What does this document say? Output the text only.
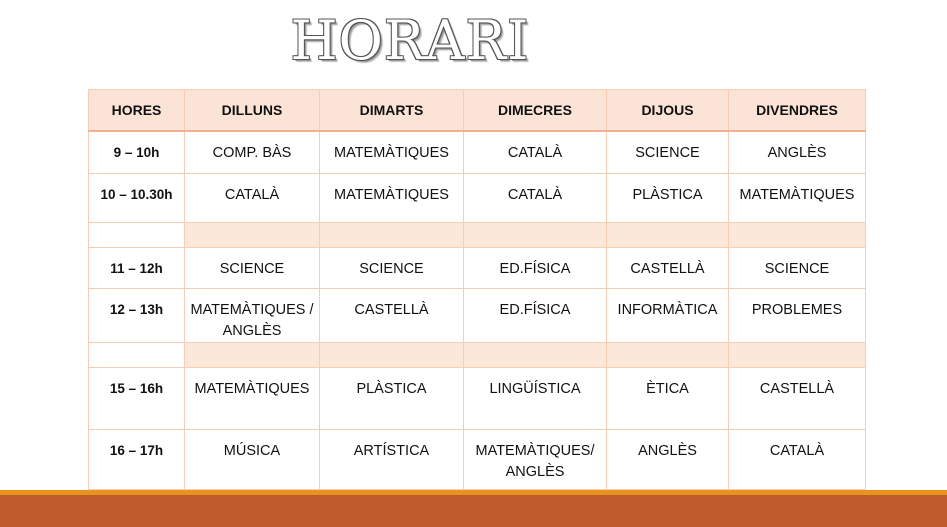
HORARI
HORES	DILLUNS	DIMARTS	DIMECRES	DIJOUS	DIVENDRES
9 – 10h	COMP. BÀS	MATEMÀTIQUES	CATALÀ	SCIENCE	ANGLÈS
10 – 10.30h	CATALÀ	MATEMÀTIQUES	CATALÀ	PLÀSTICA	MATEMÀTIQUES

11 – 12h	SCIENCE	SCIENCE	ED.FÍSICA	CASTELLÀ	SCIENCE
12 – 13h	MATEMÀTIQUES / ANGLÈS	CASTELLÀ	ED.FÍSICA	INFORMÀTICA	PROBLEMES

15 – 16h	MATEMÀTIQUES	PLÀSTICA	LINGÜÍSTICA	ÈTICA	CASTELLÀ
16 – 17h	MÚSICA	ARTÍSTICA	MATEMÀTIQUES/ ANGLÈS	ANGLÈS	CATALÀ
